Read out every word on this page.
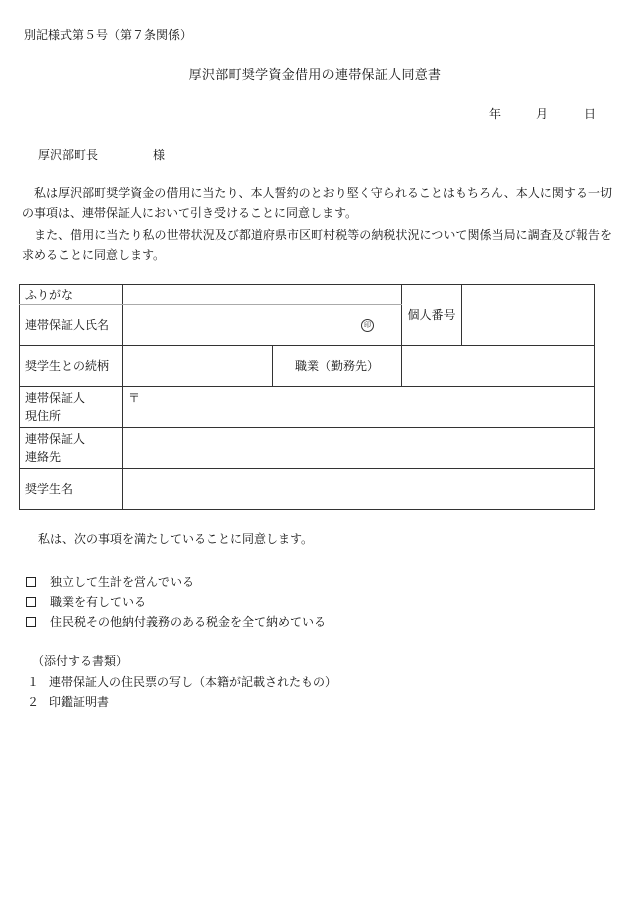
別記様式第５号（第７条関係）
厚沢部町奨学資金借用の連帯保証人同意書
年	月	日
厚沢部町長	様

　私は厚沢部町奨学資金の借用に当たり、本人誓約のとおり堅く守られることはもちろん、本人に関する一切の事項は、連帯保証人において引き受けることに同意します。

　また、借用に当たり私の世帯状況及び都道府県市区町村税等の納税状況について関係当局に調査及び報告を求めることに同意します。

ふりがな			個人番号	
連帯保証人氏名	印			

奨学生との続柄		職業（勤務先）		
連帯保証人
現住所	〒			
連帯保証人
連絡先				
奨学生名				
私は、次の事項を満たしていることに同意します。
独立して生計を営んでいる
職業を有している
住民税その他納付義務のある税金を全て納めている
（添付する書類）
１ 連帯保証人の住民票の写し（本籍が記載されたもの）
２ 印鑑証明書
